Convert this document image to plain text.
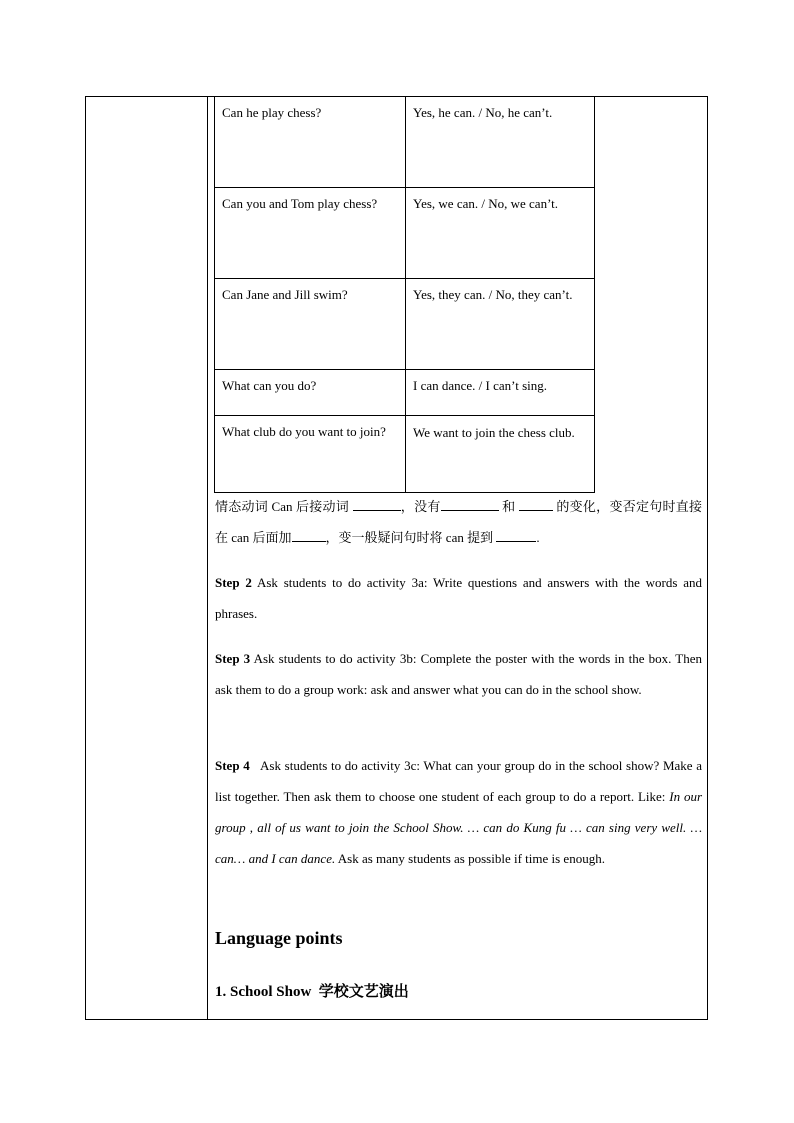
Can he play chess?	Yes, he can. / No, he can’t.
Can you and Tom play chess?	Yes, we can. / No, we can’t.
Can Jane and Jill swim?	Yes, they can. / No, they can’t.
What can you do?	I can dance. / I can’t sing.
What club do you want to join?	We want to join the chess club.
情态动词 Can 后接动词	，没有	和	的变化，变否定句时直接在 can 后面加	，变一般疑问句时将 can 提到	.
Step 2 Ask students to do activity 3a: Write questions and answers with the words and phrases.
Step 3 Ask students to do activity 3b: Complete the poster with the words in the box. Then ask them to do a group work: ask and answer what you can do in the school show.
Step 4 Ask students to do activity 3c: What can your group do in the school show? Make a list together. Then ask them to choose one student of each group to do a report. Like: In our group , all of us want to join the School Show. … can do Kung fu … can sing very well. … can… and I can dance. Ask as many students as possible if time is enough.
Language points
1. School Show  学校文艺演出
